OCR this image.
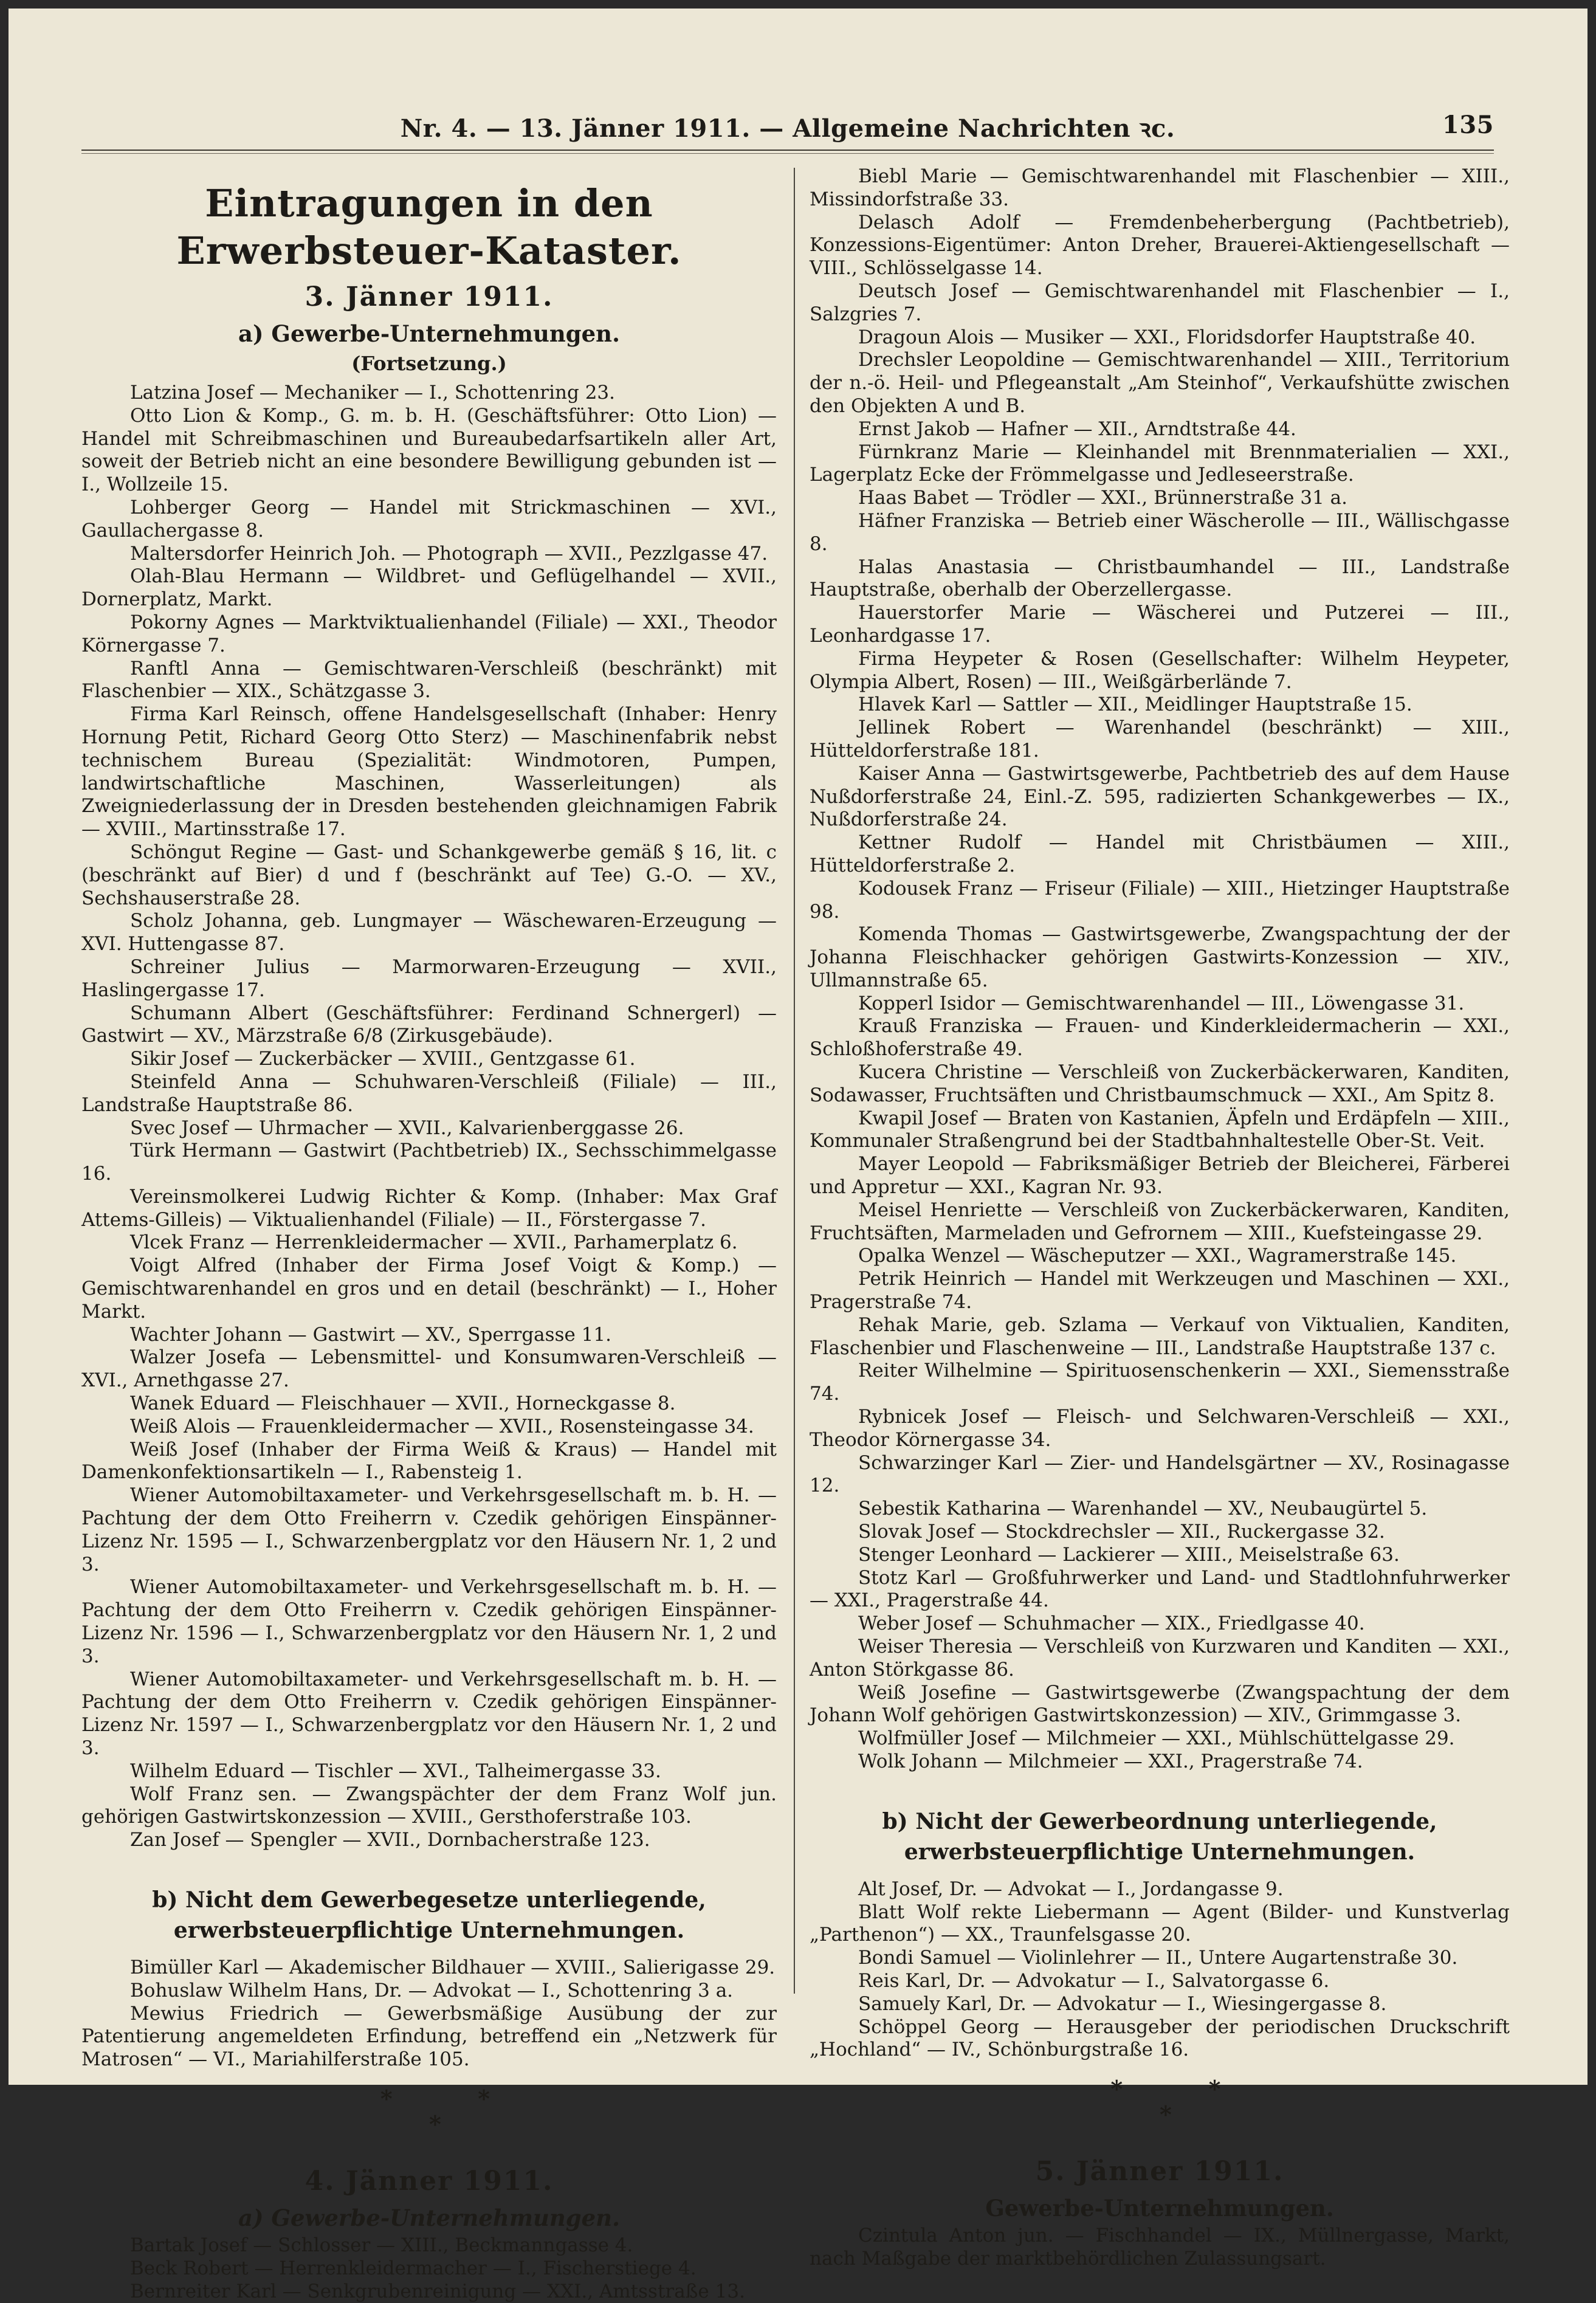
Nr. 4. — 13. Jänner 1911. — Allgemeine Nachrichten ꝛc.	135
Eintragungen in den Erwerbsteuer-Kataster.
3. Jänner 1911.
a) Gewerbe-Unternehmungen.
(Fortsetzung.)

Latzina Josef — Mechaniker — I., Schottenring 23.

Otto Lion & Komp., G. m. b. H. (Geschäftsführer: Otto Lion) — Handel mit Schreibmaschinen und Bureaubedarfsartikeln aller Art, soweit der Betrieb nicht an eine besondere Bewilligung gebunden ist — I., Wollzeile 15.

Lohberger Georg — Handel mit Strickmaschinen — XVI., Gaullachergasse 8.

Maltersdorfer Heinrich Joh. — Photograph — XVII., Pezzlgasse 47.

Olah-Blau Hermann — Wildbret- und Geflügelhandel — XVII., Dornerplatz, Markt.

Pokorny Agnes — Marktviktualienhandel (Filiale) — XXI., Theodor Körnergasse 7.

Ranftl Anna — Gemischtwaren-Verschleiß (beschränkt) mit Flaschenbier — XIX., Schätzgasse 3.

Firma Karl Reinsch, offene Handelsgesellschaft (Inhaber: Henry Hornung Petit, Richard Georg Otto Sterz) — Maschinenfabrik nebst technischem Bureau (Spezialität: Windmotoren, Pumpen, landwirtschaftliche Maschinen, Wasserleitungen) als Zweigniederlassung der in Dresden bestehenden gleichnamigen Fabrik — XVIII., Martinsstraße 17.

Schöngut Regine — Gast- und Schankgewerbe gemäß § 16, lit. c (beschränkt auf Bier) d und f (beschränkt auf Tee) G.-O. — XV., Sechshauserstraße 28.

Scholz Johanna, geb. Lungmayer — Wäschewaren-Erzeugung — XVI. Huttengasse 87.

Schreiner Julius — Marmorwaren-Erzeugung — XVII., Haslingergasse 17.

Schumann Albert (Geschäftsführer: Ferdinand Schnergerl) — Gastwirt — XV., Märzstraße 6/8 (Zirkusgebäude).

Sikir Josef — Zuckerbäcker — XVIII., Gentzgasse 61.

Steinfeld Anna — Schuhwaren-Verschleiß (Filiale) — III., Landstraße Hauptstraße 86.

Svec Josef — Uhrmacher — XVII., Kalvarienberggasse 26.

Türk Hermann — Gastwirt (Pachtbetrieb) IX., Sechsschimmelgasse 16.

Vereinsmolkerei Ludwig Richter & Komp. (Inhaber: Max Graf Attems-Gilleis) — Viktualienhandel (Filiale) — II., Förstergasse 7.

Vlcek Franz — Herrenkleidermacher — XVII., Parhamerplatz 6.

Voigt Alfred (Inhaber der Firma Josef Voigt & Komp.) — Gemischtwarenhandel en gros und en detail (beschränkt) — I., Hoher Markt.

Wachter Johann — Gastwirt — XV., Sperrgasse 11.

Walzer Josefa — Lebensmittel- und Konsumwaren-Verschleiß — XVI., Arnethgasse 27.

Wanek Eduard — Fleischhauer — XVII., Horneckgasse 8.

Weiß Alois — Frauenkleidermacher — XVII., Rosensteingasse 34.

Weiß Josef (Inhaber der Firma Weiß & Kraus) — Handel mit Damenkonfektionsartikeln — I., Rabensteig 1.

Wiener Automobiltaxameter- und Verkehrsgesellschaft m. b. H. — Pachtung der dem Otto Freiherrn v. Czedik gehörigen Einspänner-Lizenz Nr. 1595 — I., Schwarzenbergplatz vor den Häusern Nr. 1, 2 und 3.

Wiener Automobiltaxameter- und Verkehrsgesellschaft m. b. H. — Pachtung der dem Otto Freiherrn v. Czedik gehörigen Einspänner-Lizenz Nr. 1596 — I., Schwarzenbergplatz vor den Häusern Nr. 1, 2 und 3.

Wiener Automobiltaxameter- und Verkehrsgesellschaft m. b. H. — Pachtung der dem Otto Freiherrn v. Czedik gehörigen Einspänner-Lizenz Nr. 1597 — I., Schwarzenbergplatz vor den Häusern Nr. 1, 2 und 3.

Wilhelm Eduard — Tischler — XVI., Talheimergasse 33.

Wolf Franz sen. — Zwangspächter der dem Franz Wolf jun. gehörigen Gastwirtskonzession — XVIII., Gersthoferstraße 103.

Zan Josef — Spengler — XVII., Dornbacherstraße 123.

b) Nicht dem Gewerbegesetze unterliegende, erwerbsteuerpflichtige Unternehmungen.

Bimüller Karl — Akademischer Bildhauer — XVIII., Salierigasse 29.

Bohuslaw Wilhelm Hans, Dr. — Advokat — I., Schottenring 3 a.

Mewius Friedrich — Gewerbsmäßige Ausübung der zur Patentierung angemeldeten Erfindung, betreffend ein „Netzwerk für Matrosen“ — VI., Mariahilferstraße 105.

*
*
*
4. Jänner 1911.
a) Gewerbe-Unternehmungen.

Bartak Josef — Schlosser — XIII., Beckmanngasse 4.

Beck Robert — Herrenkleidermacher — I., Fischerstiege 4.

Bernreiter Karl — Senkgrubenreinigung — XXI., Amtsstraße 13.

Biebl Marie — Gemischtwarenhandel mit Flaschenbier — XIII., Missindorfstraße 33.

Delasch Adolf — Fremdenbeherbergung (Pachtbetrieb), Konzessions-Eigentümer: Anton Dreher, Brauerei-Aktiengesellschaft — VIII., Schlösselgasse 14.

Deutsch Josef — Gemischtwarenhandel mit Flaschenbier — I., Salzgries 7.

Dragoun Alois — Musiker — XXI., Floridsdorfer Hauptstraße 40.

Drechsler Leopoldine — Gemischtwarenhandel — XIII., Territorium der n.-ö. Heil- und Pflegeanstalt „Am Steinhof“, Verkaufshütte zwischen den Objekten A und B.

Ernst Jakob — Hafner — XII., Arndtstraße 44.

Fürnkranz Marie — Kleinhandel mit Brennmaterialien — XXI., Lagerplatz Ecke der Frömmelgasse und Jedleseerstraße.

Haas Babet — Trödler — XXI., Brünnerstraße 31 a.

Häfner Franziska — Betrieb einer Wäscherolle — III., Wällischgasse 8.

Halas Anastasia — Christbaumhandel — III., Landstraße Hauptstraße, oberhalb der Oberzellergasse.

Hauerstorfer Marie — Wäscherei und Putzerei — III., Leonhardgasse 17.

Firma Heypeter & Rosen (Gesellschafter: Wilhelm Heypeter, Olympia Albert, Rosen) — III., Weißgärberlände 7.

Hlavek Karl — Sattler — XII., Meidlinger Hauptstraße 15.

Jellinek Robert — Warenhandel (beschränkt) — XIII., Hütteldorferstraße 181.

Kaiser Anna — Gastwirtsgewerbe, Pachtbetrieb des auf dem Hause Nußdorferstraße 24, Einl.-Z. 595, radizierten Schankgewerbes — IX., Nußdorferstraße 24.

Kettner Rudolf — Handel mit Christbäumen — XIII., Hütteldorferstraße 2.

Kodousek Franz — Friseur (Filiale) — XIII., Hietzinger Hauptstraße 98.

Komenda Thomas — Gastwirtsgewerbe, Zwangspachtung der der Johanna Fleischhacker gehörigen Gastwirts-Konzession — XIV., Ullmannstraße 65.

Kopperl Isidor — Gemischtwarenhandel — III., Löwengasse 31.

Krauß Franziska — Frauen- und Kinderkleidermacherin — XXI., Schloßhoferstraße 49.

Kucera Christine — Verschleiß von Zuckerbäckerwaren, Kanditen, Sodawasser, Fruchtsäften und Christbaumschmuck — XXI., Am Spitz 8.

Kwapil Josef — Braten von Kastanien, Äpfeln und Erdäpfeln — XIII., Kommunaler Straßengrund bei der Stadtbahnhaltestelle Ober-St. Veit.

Mayer Leopold — Fabriksmäßiger Betrieb der Bleicherei, Färberei und Appretur — XXI., Kagran Nr. 93.

Meisel Henriette — Verschleiß von Zuckerbäckerwaren, Kanditen, Fruchtsäften, Marmeladen und Gefrornem — XIII., Kuefsteingasse 29.

Opalka Wenzel — Wäscheputzer — XXI., Wagramerstraße 145.

Petrik Heinrich — Handel mit Werkzeugen und Maschinen — XXI., Pragerstraße 74.

Rehak Marie, geb. Szlama — Verkauf von Viktualien, Kanditen, Flaschenbier und Flaschenweine — III., Landstraße Hauptstraße 137 c.

Reiter Wilhelmine — Spirituosenschenkerin — XXI., Siemensstraße 74.

Rybnicek Josef — Fleisch- und Selchwaren-Verschleiß — XXI., Theodor Körnergasse 34.

Schwarzinger Karl — Zier- und Handelsgärtner — XV., Rosinagasse 12.

Sebestik Katharina — Warenhandel — XV., Neubaugürtel 5.

Slovak Josef — Stockdrechsler — XII., Ruckergasse 32.

Stenger Leonhard — Lackierer — XIII., Meiselstraße 63.

Stotz Karl — Großfuhrwerker und Land- und Stadtlohnfuhrwerker — XXI., Pragerstraße 44.

Weber Josef — Schuhmacher — XIX., Friedlgasse 40.

Weiser Theresia — Verschleiß von Kurzwaren und Kanditen — XXI., Anton Störkgasse 86.

Weiß Josefine — Gastwirtsgewerbe (Zwangspachtung der dem Johann Wolf gehörigen Gastwirtskonzession) — XIV., Grimmgasse 3.

Wolfmüller Josef — Milchmeier — XXI., Mühlschüttelgasse 29.

Wolk Johann — Milchmeier — XXI., Pragerstraße 74.

b) Nicht der Gewerbeordnung unterliegende, erwerbsteuerpflichtige Unternehmungen.

Alt Josef, Dr. — Advokat — I., Jordangasse 9.

Blatt Wolf rekte Liebermann — Agent (Bilder- und Kunstverlag „Parthenon“) — XX., Traunfelsgasse 20.

Bondi Samuel — Violinlehrer — II., Untere Augartenstraße 30.

Reis Karl, Dr. — Advokatur — I., Salvatorgasse 6.

Samuely Karl, Dr. — Advokatur — I., Wiesingergasse 8.

Schöppel Georg — Herausgeber der periodischen Druckschrift „Hochland“ — IV., Schönburgstraße 16.

*
*
*
5. Jänner 1911.
Gewerbe-Unternehmungen.

Czintula Anton jun. — Fischhandel — IX., Müllnergasse, Markt, nach Maßgabe der marktbehördlichen Zulassungsart.
